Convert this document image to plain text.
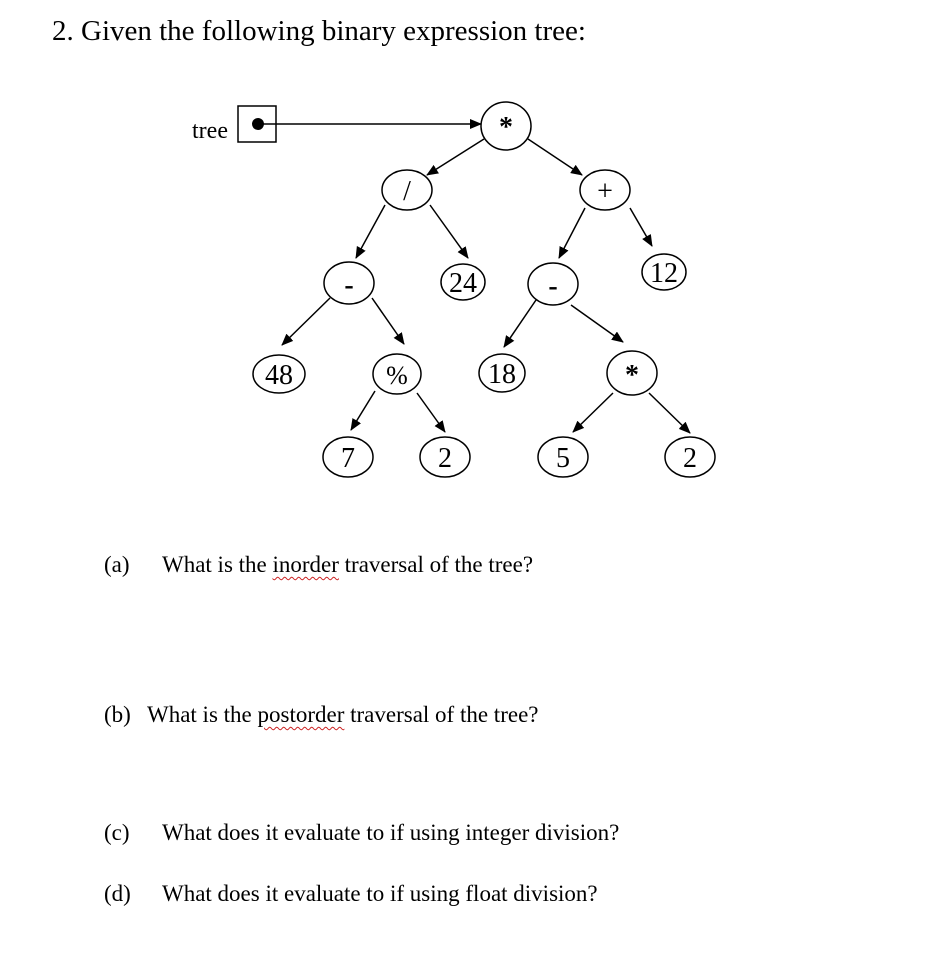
2. Given the following binary expression tree:
tree	*
/	+
-	24	-	12
48	%	18	*
7	2	5	2
(a) What is the inorder traversal of the tree?
(b) What is the postorder traversal of the tree?
(c) What does it evaluate to if using integer division?
(d) What does it evaluate to if using float division?
